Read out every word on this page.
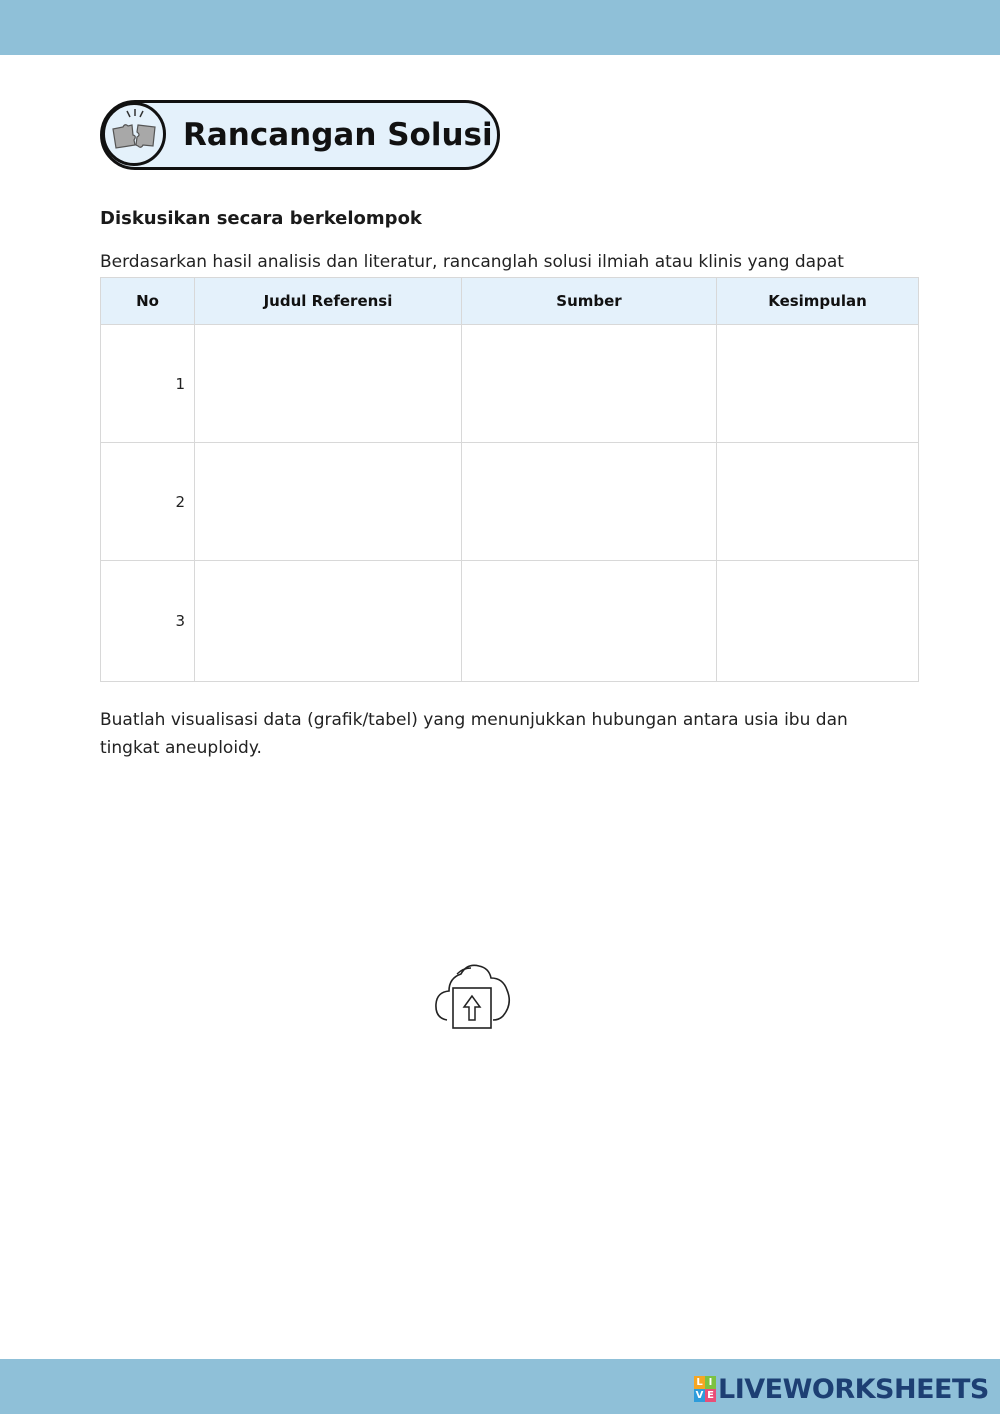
Rancangan Solusi
Diskusikan secara berkelompok
Berdasarkan hasil analisis dan literatur, rancanglah solusi ilmiah atau klinis yang dapat
No	Judul Referensi	Sumber	Kesimpulan
1			
2			
3			
Buatlah visualisasi data (grafik/tabel) yang menunjukkan hubungan antara usia ibu dan tingkat aneuploidy.
L I
V E LIVEWORKSHEETS
